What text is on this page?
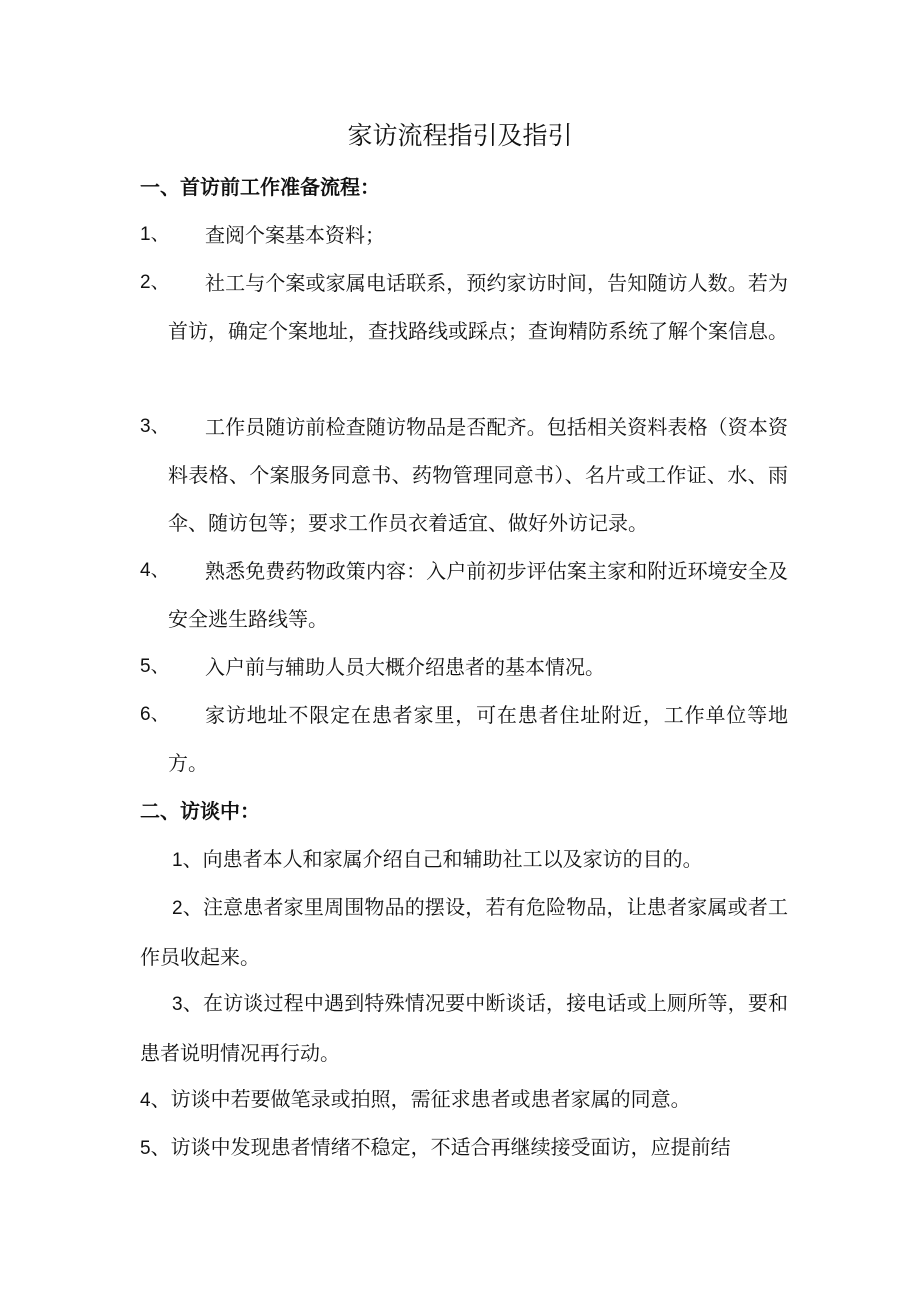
家访流程指引及指引
一、首访前工作准备流程：
1、	查阅个案基本资料；

2、	社工与个案或家属电话联系，预约家访时间，告知随访人数。若为首访，确定个案地址，查找路线或踩点；查询精防系统了解个案信息。

3、	工作员随访前检查随访物品是否配齐。包括相关资料表格（资本资料表格、个案服务同意书、药物管理同意书）、名片或工作证、水、雨伞、随访包等；要求工作员衣着适宜、做好外访记录。

4、	熟悉免费药物政策内容：入户前初步评估案主家和附近环境安全及安全逃生路线等。

5、	入户前与辅助人员大概介绍患者的基本情况。

6、	家访地址不限定在患者家里，可在患者住址附近，工作单位等地方。

二、访谈中：

1、向患者本人和家属介绍自己和辅助社工以及家访的目的。

2、注意患者家里周围物品的摆设，若有危险物品，让患者家属或者工作员收起来。

3、在访谈过程中遇到特殊情况要中断谈话，接电话或上厕所等，要和患者说明情况再行动。

4、访谈中若要做笔录或拍照，需征求患者或患者家属的同意。

5、访谈中发现患者情绪不稳定，不适合再继续接受面访，应提前结
